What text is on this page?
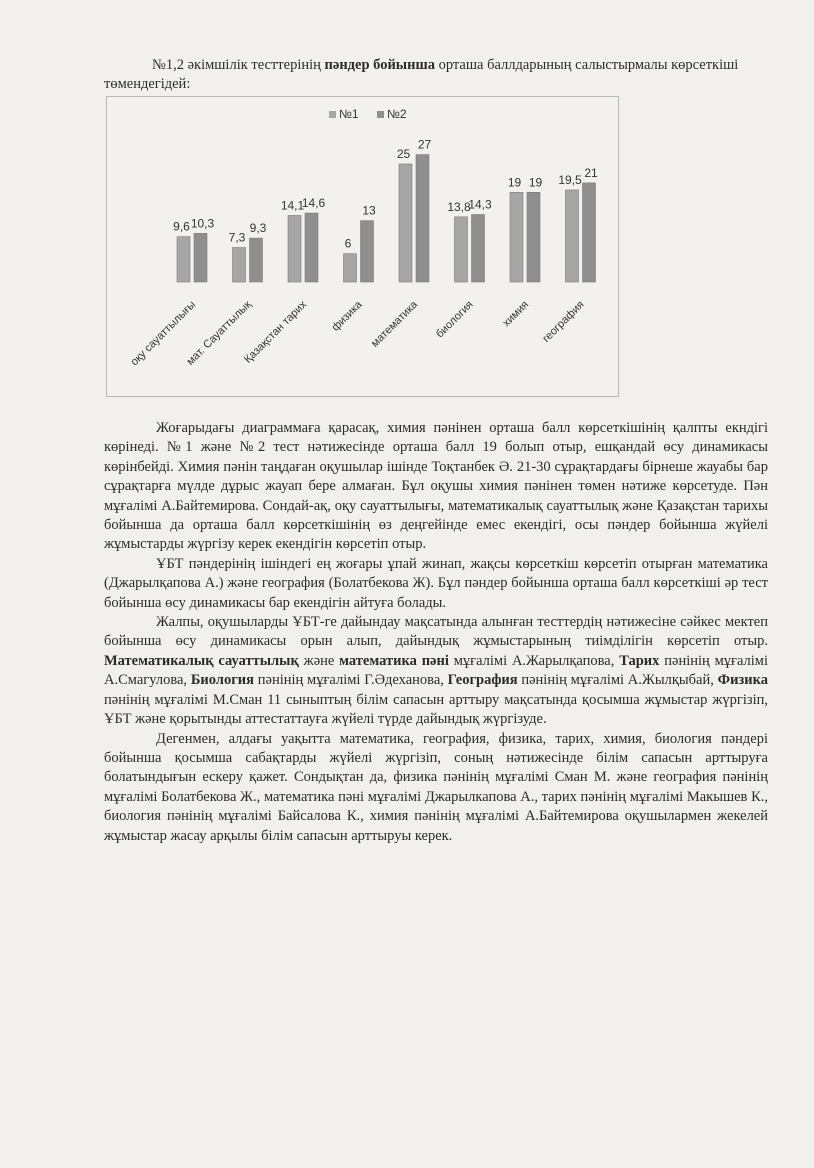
№1,2 әкімшілік тесттерінің пәндер бойынша орташа баллдарының салыстырмалы көрсеткіші төмендегідей:
№1 №2
9,6 10,3
оқу сауаттылығы
7,3
9,3
мат. Сауаттылық
14,1
14,6
Қазақстан тарих
6
13
физика
25
27
математика
13,8
14,3
биология
19 19
химия
19,5
21
география

Жоғарыдағы диаграммаға қарасақ, химия пәнінен орташа балл көрсеткішінің қалпты екндігі көрінеді. №1 және №2 тест нәтижесінде орташа балл 19 болып отыр, ешқандай өсу динамикасы көрінбейді. Химия пәнін таңдаған оқушылар ішінде Тоқтанбек Ә. 21-30 сұрақтардағы бірнеше жауабы бар сұрақтарға мүлде дұрыс жауап бере алмаған. Бұл оқушы химия пәнінен төмен нәтиже көрсетуде. Пән мұғалімі А.Байтемирова. Сондай-ақ, оқу сауаттылығы, математикалық сауаттылық және Қазақстан тарихы бойынша да орташа балл көрсеткішінің өз деңгейінде емес екендігі, осы пәндер бойынша жүйелі жұмыстарды жүргізу керек екендігін көрсетіп отыр.

ҰБТ пәндерінің ішіндегі ең жоғары ұпай жинап, жақсы көрсеткіш көрсетіп отырған математика (Джарылқапова А.) және география (Болатбекова Ж). Бұл пәндер бойынша орташа балл көрсеткіші әр тест бойынша өсу динамикасы бар екендігін айтуға болады.

Жалпы, оқушыларды ҰБТ-ге дайындау мақсатында алынған тесттердің нәтижесіне сәйкес мектеп бойынша өсу динамикасы орын алып, дайындық жұмыстарының тиімділігін көрсетіп отыр. Математикалық сауаттылық және математика пәні мұғалімі А.Жарылқапова, Тарих пәнінің мұғалімі А.Смагулова, Биология пәнінің мұғалімі Г.Әдеханова, География пәнінің мұғалімі А.Жылқыбай, Физика пәнінің мұғалімі М.Сман 11 сыныптың білім сапасын арттыру мақсатында қосымша жұмыстар жүргізіп, ҰБТ және қорытынды аттестаттауға жүйелі түрде дайындық жүргізуде.

Дегенмен, алдағы уақытта математика, география, физика, тарих, химия, биология пәндері бойынша қосымша сабақтарды жүйелі жүргізіп, соның нәтижесінде білім сапасын арттыруға болатындығын ескеру қажет. Сондықтан да, физика пәнінің мұғалімі Сман М. және география пәнінің мұғалімі Болатбекова Ж., математика пәні мұғалімі Джарылкапова А., тарих пәнінің мұғалімі Макышев К., биология пәнінің мұғалімі Байсалова К., химия пәнінің мұғалімі А.Байтемирова оқушылармен жекелей жұмыстар жасау арқылы білім сапасын арттыруы керек.
